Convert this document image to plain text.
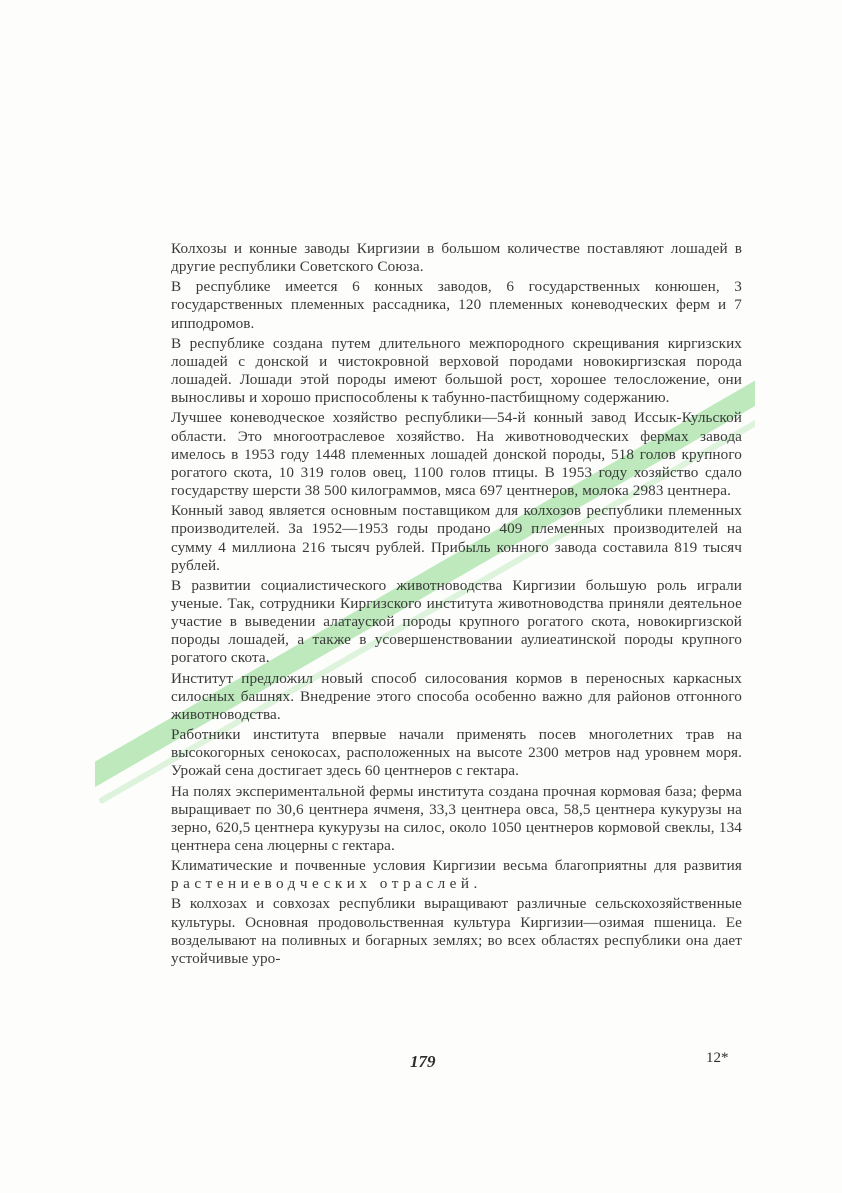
Колхозы и конные заводы Киргизии в большом количестве поставляют лошадей в другие республики Советского Союза.

В республике имеется 6 конных заводов, 6 государственных конюшен, 3 государственных племенных рассадника, 120 племенных коневодческих ферм и 7 ипподромов.

В республике создана путем длительного межпородного скрещивания киргизских лошадей с донской и чистокровной верховой породами новокиргизская порода лошадей. Лошади этой породы имеют большой рост, хорошее телосложение, они выносливы и хорошо приспособлены к табунно-пастбищному содержанию.

Лучшее коневодческое хозяйство республики—54-й конный завод Иссык-Кульской области. Это многоотраслевое хозяйство. На животноводческих фермах завода имелось в 1953 году 1448 племенных лошадей донской породы, 518 голов крупного рогатого скота, 10 319 голов овец, 1100 голов птицы. В 1953 году хозяйство сдало государству шерсти 38 500 килограммов, мяса 697 центнеров, молока 2983 центнера.

Конный завод является основным поставщиком для колхозов республики племенных производителей. За 1952—1953 годы продано 409 племенных производителей на сумму 4 миллиона 216 тысяч рублей. Прибыль конного завода составила 819 тысяч рублей.

В развитии социалистического животноводства Киргизии большую роль играли ученые. Так, сотрудники Киргизского института животноводства приняли деятельное участие в выведении алатауской породы крупного рогатого скота, новокиргизской породы лошадей, а также в усовершенствовании аулиеатинской породы крупного рогатого скота.

Институт предложил новый способ силосования кормов в переносных каркасных силосных башнях. Внедрение этого способа особенно важно для районов отгонного животноводства.

Работники института впервые начали применять посев многолетних трав на высокогорных сенокосах, расположенных на высоте 2300 метров над уровнем моря. Урожай сена достигает здесь 60 центнеров с гектара.

На полях экспериментальной фермы института создана прочная кормовая база; ферма выращивает по 30,6 центнера ячменя, 33,3 центнера овса, 58,5 центнера кукурузы на зерно, 620,5 центнера кукурузы на силос, около 1050 центнеров кормовой свеклы, 134 центнера сена люцерны с гектара.

Климатические и почвенные условия Киргизии весьма благоприятны для развития растениеводческих отраслей.

В колхозах и совхозах республики выращивают различные сельскохозяйственные культуры. Основная продовольственная культура Киргизии—озимая пшеница. Ее возделывают на поливных и богарных землях; во всех областях республики она дает устойчивые уро-

179	12*
